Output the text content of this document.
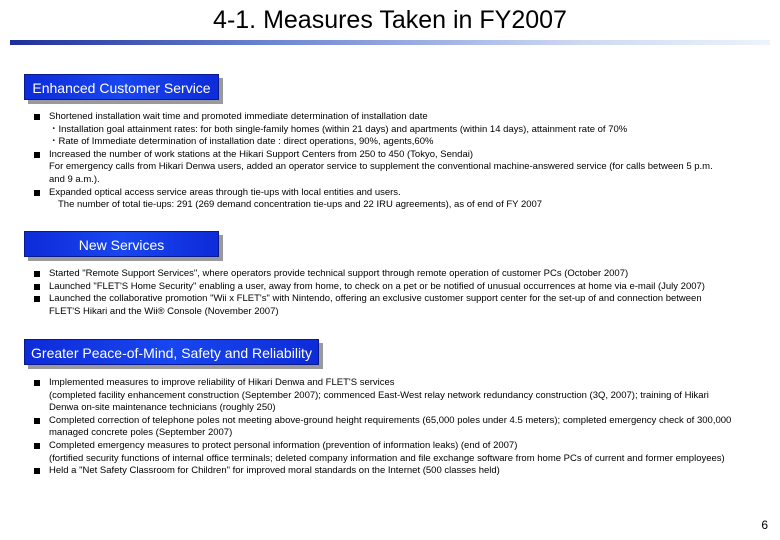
4-1. Measures Taken in FY2007
Enhanced Customer Service
Shortened installation wait time and promoted immediate determination of installation date
・Installation goal attainment rates: for both single-family homes (within 21 days) and apartments (within 14 days), attainment rate of 70%
・Rate of Immediate determination of installation date : direct operations, 90%, agents,60%
Increased the number of work stations at the Hikari Support Centers from 250 to 450 (Tokyo, Sendai)
For emergency calls from Hikari Denwa users, added an operator service to supplement the conventional machine-answered service (for calls between 5 p.m.
and 9 a.m.).
Expanded optical access service areas through tie-ups with local entities and users.
The number of total tie-ups: 291 (269 demand concentration tie-ups and 22 IRU agreements), as of end of FY 2007
New Services
Started "Remote Support Services", where operators provide technical support through remote operation of customer PCs (October 2007)
Launched "FLET'S Home Security" enabling a user, away from home, to check on a pet or be notified of unusual occurrences at home via e-mail (July 2007)
Launched the collaborative promotion "Wii x FLET's" with Nintendo, offering an exclusive customer support center for the set-up of and connection between
FLET'S Hikari and the Wii® Console (November 2007)
Greater Peace-of-Mind, Safety and Reliability
Implemented measures to improve reliability of Hikari Denwa and FLET'S services
(completed facility enhancement construction (September 2007); commenced East-West relay network redundancy construction (3Q, 2007); training of Hikari
Denwa on-site maintenance technicians (roughly 250)
Completed correction of telephone poles not meeting above-ground height requirements (65,000 poles under 4.5 meters); completed emergency check of 300,000
managed concrete poles (September 2007)
Completed emergency measures to protect personal information (prevention of information leaks) (end of 2007)
(fortified security functions of internal office terminals; deleted company information and file exchange software from home PCs of current and former employees)
Held a "Net Safety Classroom for Children" for improved moral standards on the Internet (500 classes held)
6
